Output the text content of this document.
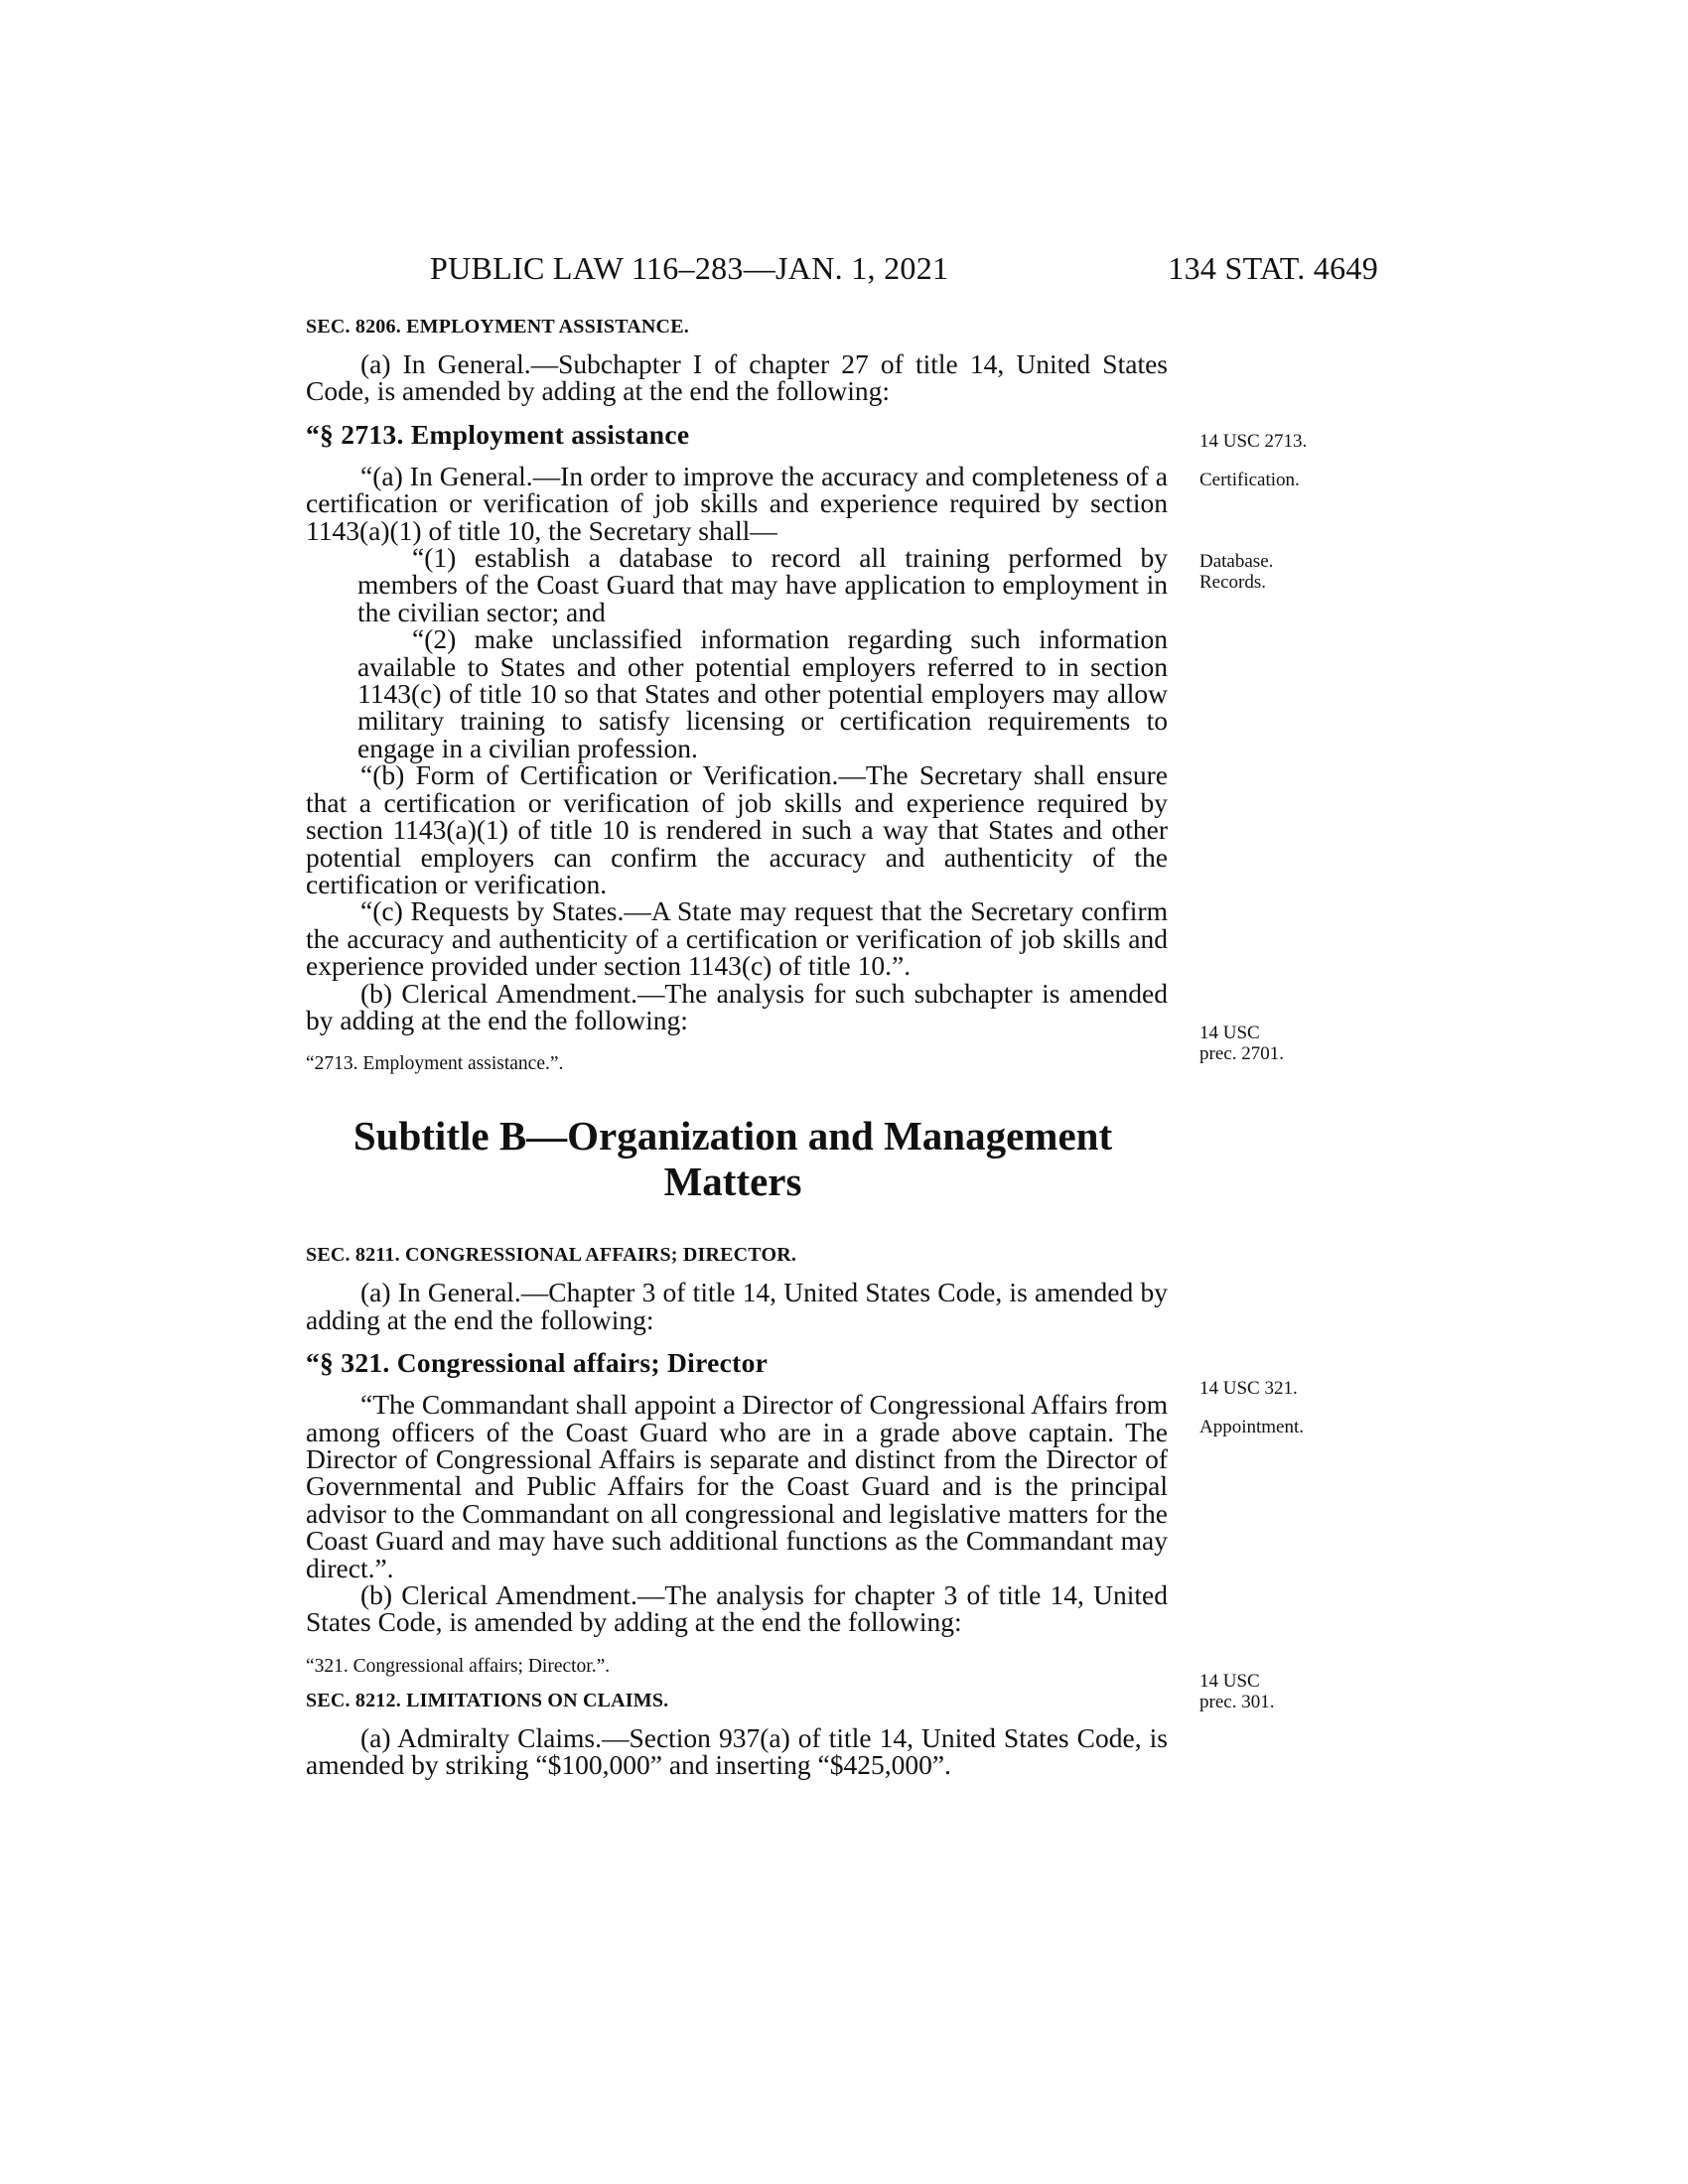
PUBLIC LAW 116–283—JAN. 1, 2021	134 STAT. 4649
SEC. 8206. EMPLOYMENT ASSISTANCE.

(a) In General.—Subchapter I of chapter 27 of title 14, United States Code, is amended by adding at the end the following:

“§ 2713. Employment assistance

“(a) In General.—In order to improve the accuracy and completeness of a certification or verification of job skills and experience required by section 1143(a)(1) of title 10, the Secretary shall—

“(1) establish a database to record all training performed by members of the Coast Guard that may have application to employment in the civilian sector; and

“(2) make unclassified information regarding such information available to States and other potential employers referred to in section 1143(c) of title 10 so that States and other potential employers may allow military training to satisfy licensing or certification requirements to engage in a civilian profession.

“(b) Form of Certification or Verification.—The Secretary shall ensure that a certification or verification of job skills and experience required by section 1143(a)(1) of title 10 is rendered in such a way that States and other potential employers can confirm the accuracy and authenticity of the certification or verification.

“(c) Requests by States.—A State may request that the Secretary confirm the accuracy and authenticity of a certification or verification of job skills and experience provided under section 1143(c) of title 10.”.

(b) Clerical Amendment.—The analysis for such subchapter is amended by adding at the end the following:

“2713. Employment assistance.”.
Subtitle B—Organization and Management
Matters
SEC. 8211. CONGRESSIONAL AFFAIRS; DIRECTOR.

(a) In General.—Chapter 3 of title 14, United States Code, is amended by adding at the end the following:

“§ 321. Congressional affairs; Director

“The Commandant shall appoint a Director of Congressional Affairs from among officers of the Coast Guard who are in a grade above captain. The Director of Congressional Affairs is separate and distinct from the Director of Governmental and Public Affairs for the Coast Guard and is the principal advisor to the Commandant on all congressional and legislative matters for the Coast Guard and may have such additional functions as the Commandant may direct.”.

(b) Clerical Amendment.—The analysis for chapter 3 of title 14, United States Code, is amended by adding at the end the following:

“321. Congressional affairs; Director.”.
SEC. 8212. LIMITATIONS ON CLAIMS.

(a) Admiralty Claims.—Section 937(a) of title 14, United States Code, is amended by striking “$100,000” and inserting “$425,000”.

14 USC 2713.
Certification.
Database.
Records.
14 USC
prec. 2701.
14 USC 321.
Appointment.
14 USC
prec. 301.
